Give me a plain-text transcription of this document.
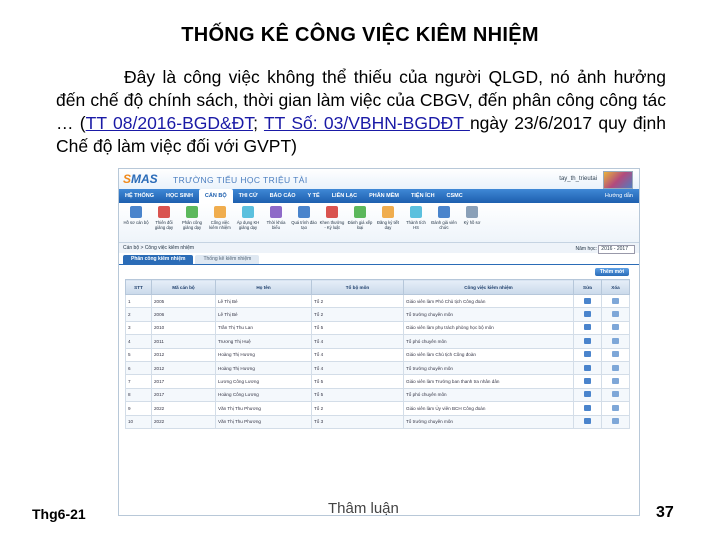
THỐNG KÊ CÔNG VIỆC KIÊM NHIỆM
Đây là công việc không thể thiếu của người QLGD, nó ảnh hưởng đến chế độ chính sách, thời gian làm việc của CBGV, đến phân công công tác … (TT 08/2016-BGD&ĐT; TT Số: 03/VBHN-BGDĐT ngày 23/6/2017 quy định Chế độ làm việc đối với GVPT)
SMAS TRƯỜNG TIỂU HỌC TRIỆU TÀI	tay_th_trieutai
HỆ THỐNG	HỌC SINH	CÁN BỘ	THI CỬ	BÁO CÁO	Y TẾ	LIÊN LẠC	PHÂN MỀM	TIỆN ÍCH	CSMC	Hướng dẫn
Hồ sơ cán bộ	Thiên đổi giảng dạy
Phân công giảng dạy
Cống việc kiêm nhiệm
Áp dụng KH giảng dạy
Thời khóa biểu
Quá trình đào tạo
Khen thưởng - Kỷ luật
Đánh giá xếp loại
Đăng ký tiết dạy
Thành tích HS
Đánh giá viên chức
Ký hồ sơ
Cán bộ > Công việc kiêm nhiệm	Năm học: 2016 - 2017
Phân công kiêm nhiệm	Thống kê kiêm nhiệm
Thêm mới
STT	Mã cán bộ	Họ tên	Tổ bộ môn	Công việc kiêm nhiệm	Sửa	Xóa
1	2005	Lê Thị Bé	Tổ 2	Giáo viên làm Phó Chủ tịch Công đoàn		
2	2006	Lê Thị Bé	Tổ 2	Tổ trưởng chuyên môn		
3	2010	Trần Thị Thu Lan	Tổ 5	Giáo viên làm phụ trách phòng học bộ môn		
4	2011	Trương Thị Huệ	Tổ 4	Tổ phó chuyên môn		
5	2012	Hoàng Thị Hương	Tổ 4	Giáo viên làm Chủ tịch Công đoàn		
6	2012	Hoàng Thị Hương	Tổ 4	Tổ trưởng chuyên môn		
7	2017	Lương Công Lương	Tổ 5	Giáo viên làm Trưởng ban thanh tra nhân dân		
8	2017	Hoàng Công Lương	Tổ 5	Tổ phó chuyên môn		
9	2022	Văn Thị Thu Phương	Tổ 2	Giáo viên làm Ủy viên BCH Công đoàn		
10	2022	Văn Thị Thu Phương	Tổ 3	Tổ trưởng chuyên môn		
Thg6-21	Thâm luận	37
